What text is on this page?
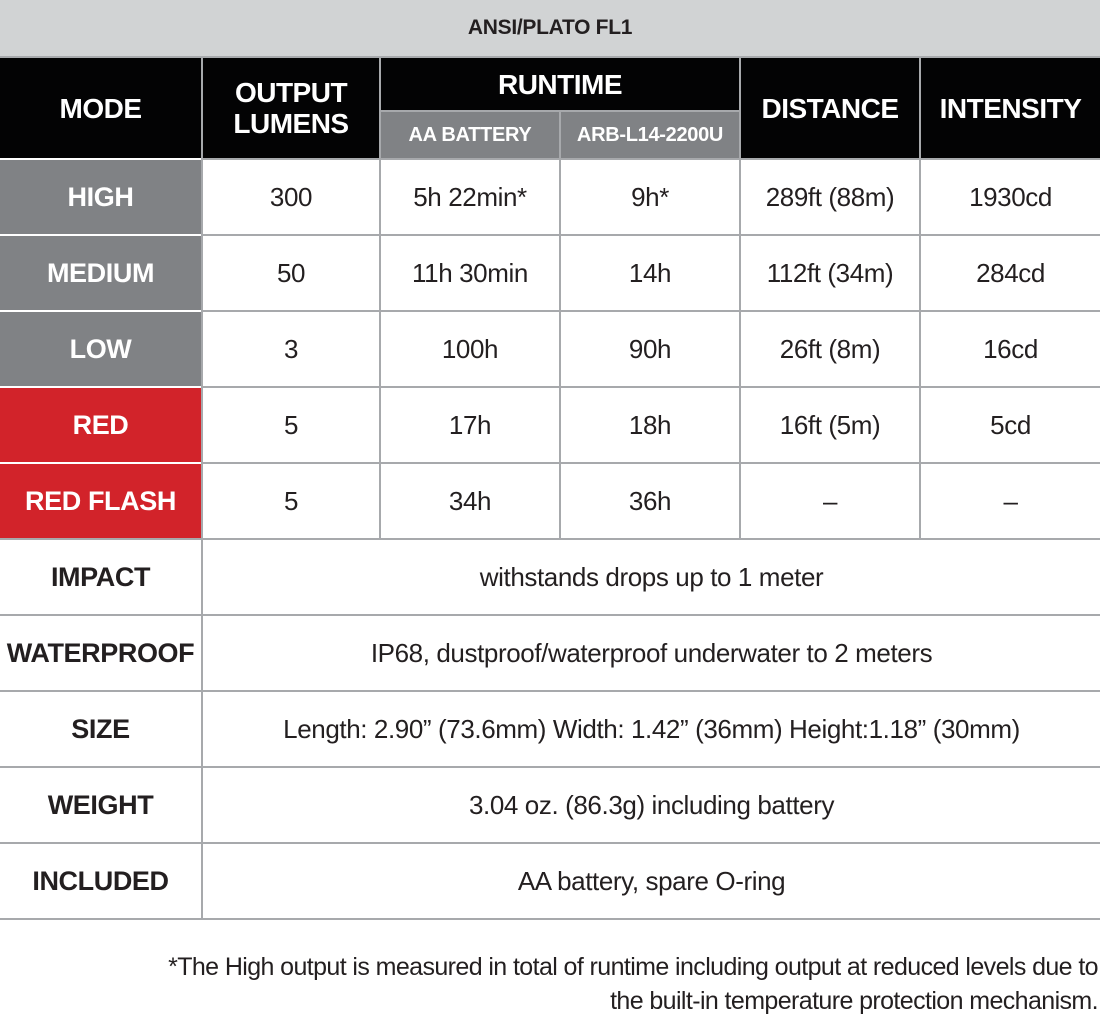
ANSI/PLATO FL1					
MODE	OUTPUT LUMENS	RUNTIME		DISTANCE	INTENSITY
		AA BATTERY	ARB-L14-2200U		
HIGH	300	5h 22min*	9h*	289ft (88m)	1930cd
MEDIUM	50	11h 30min	14h	112ft (34m)	284cd
LOW	3	100h	90h	26ft (8m)	16cd
RED	5	17h	18h	16ft (5m)	5cd
RED FLASH	5	34h	36h	–	–
IMPACT	withstands drops up to 1 meter				
WATERPROOF	IP68, dustproof/waterproof underwater to 2 meters				
SIZE	Length: 2.90” (73.6mm) Width: 1.42” (36mm) Height:1.18” (30mm)				
WEIGHT	3.04 oz. (86.3g) including battery				
INCLUDED	AA battery, spare O-ring				
*The High output is measured in total of runtime including output at reduced levels due to
the built-in temperature protection mechanism.
